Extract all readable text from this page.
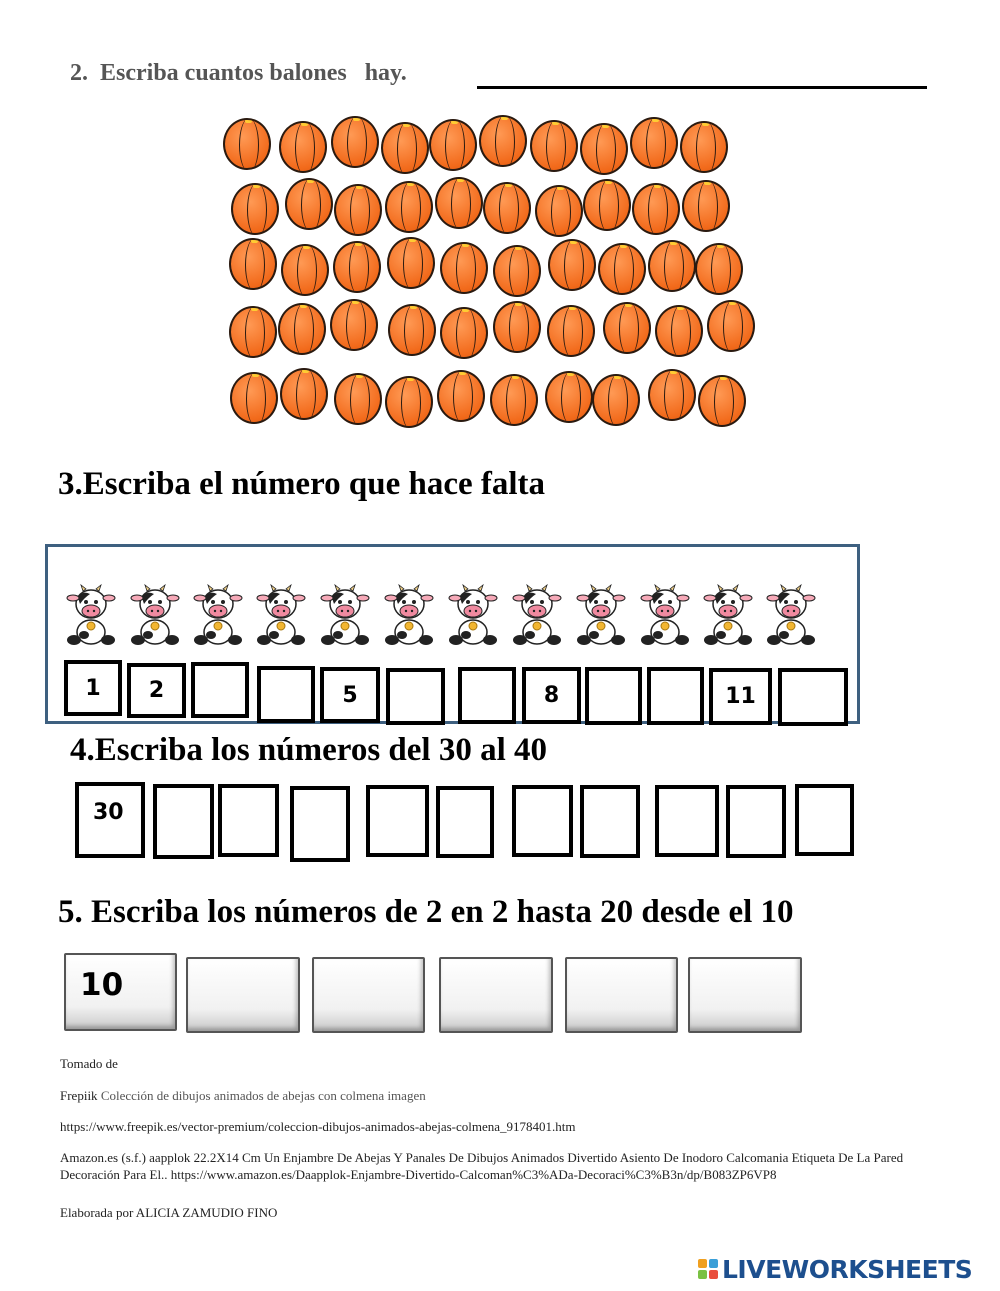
2.  Escriba cuantos balones   hay.
3.Escriba el número que hace falta
1	2	5	8	11
4.Escriba los números del 30 al 40
30
5. Escriba los números de 2 en 2 hasta 20 desde el 10
10
Tomado de
Frepiik Colección de dibujos animados de abejas con colmena imagen
https://www.freepik.es/vector-premium/coleccion-dibujos-animados-abejas-colmena_9178401.htm
Amazon.es (s.f.) aapplok 22.2X14 Cm Un Enjambre De Abejas Y Panales De Dibujos Animados Divertido Asiento De Inodoro Calcomania Etiqueta De La Pared Decoración Para El.. https://www.amazon.es/Daapplok-Enjambre-Divertido-Calcoman%C3%ADa-Decoraci%C3%B3n/dp/B083ZP6VP8
Elaborada por ALICIA ZAMUDIO FINO
LIVEWORKSHEETS
